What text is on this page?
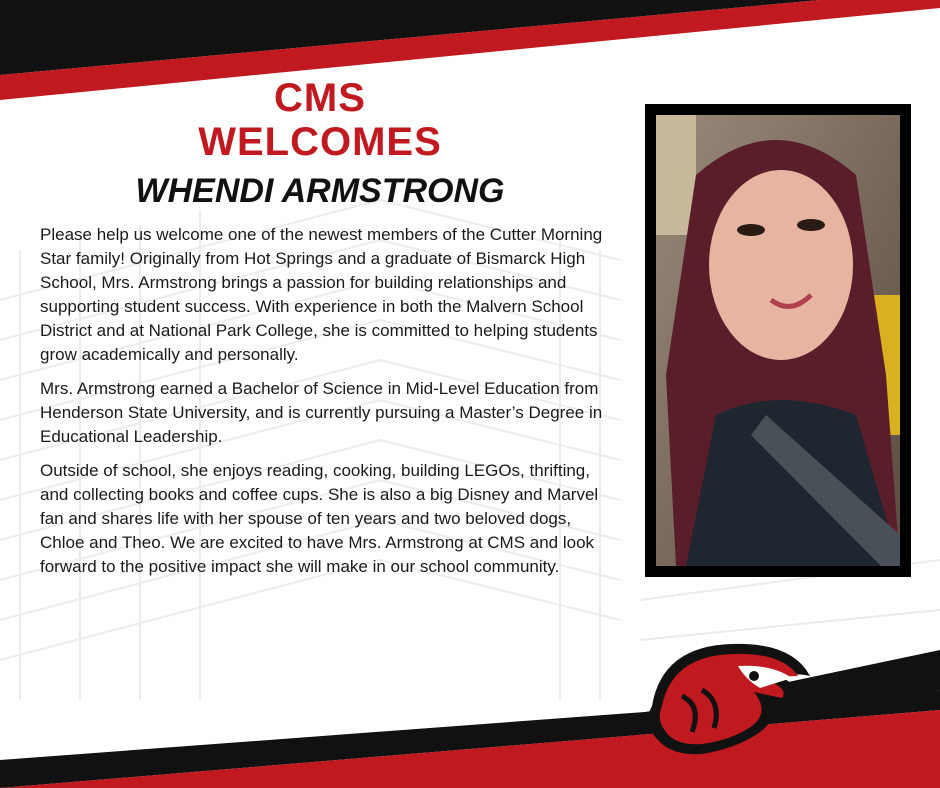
CMS
WELCOMES
WHENDI ARMSTRONG

Please help us welcome one of the newest members of the Cutter Morning Star family! Originally from Hot Springs and a graduate of Bismarck High School, Mrs. Armstrong brings a passion for building relationships and supporting student success. With experience in both the Malvern School District and at National Park College, she is committed to helping students grow academically and personally.

Mrs. Armstrong earned a Bachelor of Science in Mid-Level Education from Henderson State University, and is currently pursuing a Master’s Degree in Educational Leadership.

Outside of school, she enjoys reading, cooking, building LEGOs, thrifting, and collecting books and coffee cups. She is also a big Disney and Marvel fan and shares life with her spouse of ten years and two beloved dogs, Chloe and Theo. We are excited to have Mrs. Armstrong at CMS and look forward to the positive impact she will make in our school community.
